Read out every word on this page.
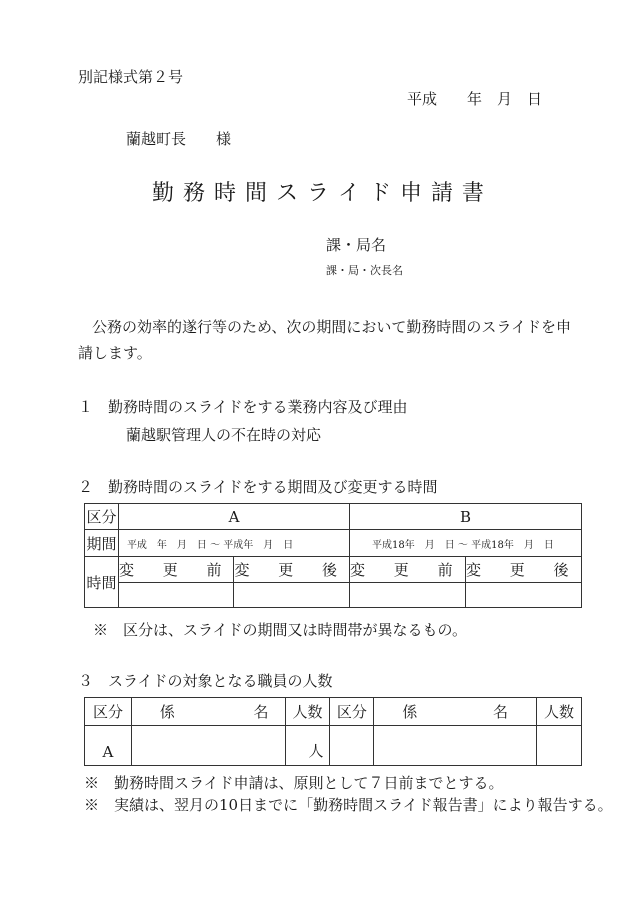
別記様式第２号
平成　　年　月　日
蘭越町長　　様
勤 務 時 間 ス ラ イ ド 申 請 書
課・局名
課・局・次長名
公務の効率的遂行等のため、次の期間において勤務時間のスライドを申
請します。
１　勤務時間のスライドをする業務内容及び理由
蘭越駅管理人の不在時の対応
２　勤務時間のスライドをする期間及び変更する時間
区分	A		B	
期間	平成　年　月　日 ～ 平成年　月　日		平成18年　月　日 ～ 平成18年　月　日	
時間	変 更 前	変 更 後	変 更 前	変 更 後

※　区分は、スライドの期間又は時間帯が異なるもの。
３　スライドの対象となる職員の人数
区分	係 名	人数	区分	係 名	人数
A		人			
※　勤務時間スライド申請は、原則として７日前までとする。
※　実績は、翌月の10日までに「勤務時間スライド報告書」により報告する。
